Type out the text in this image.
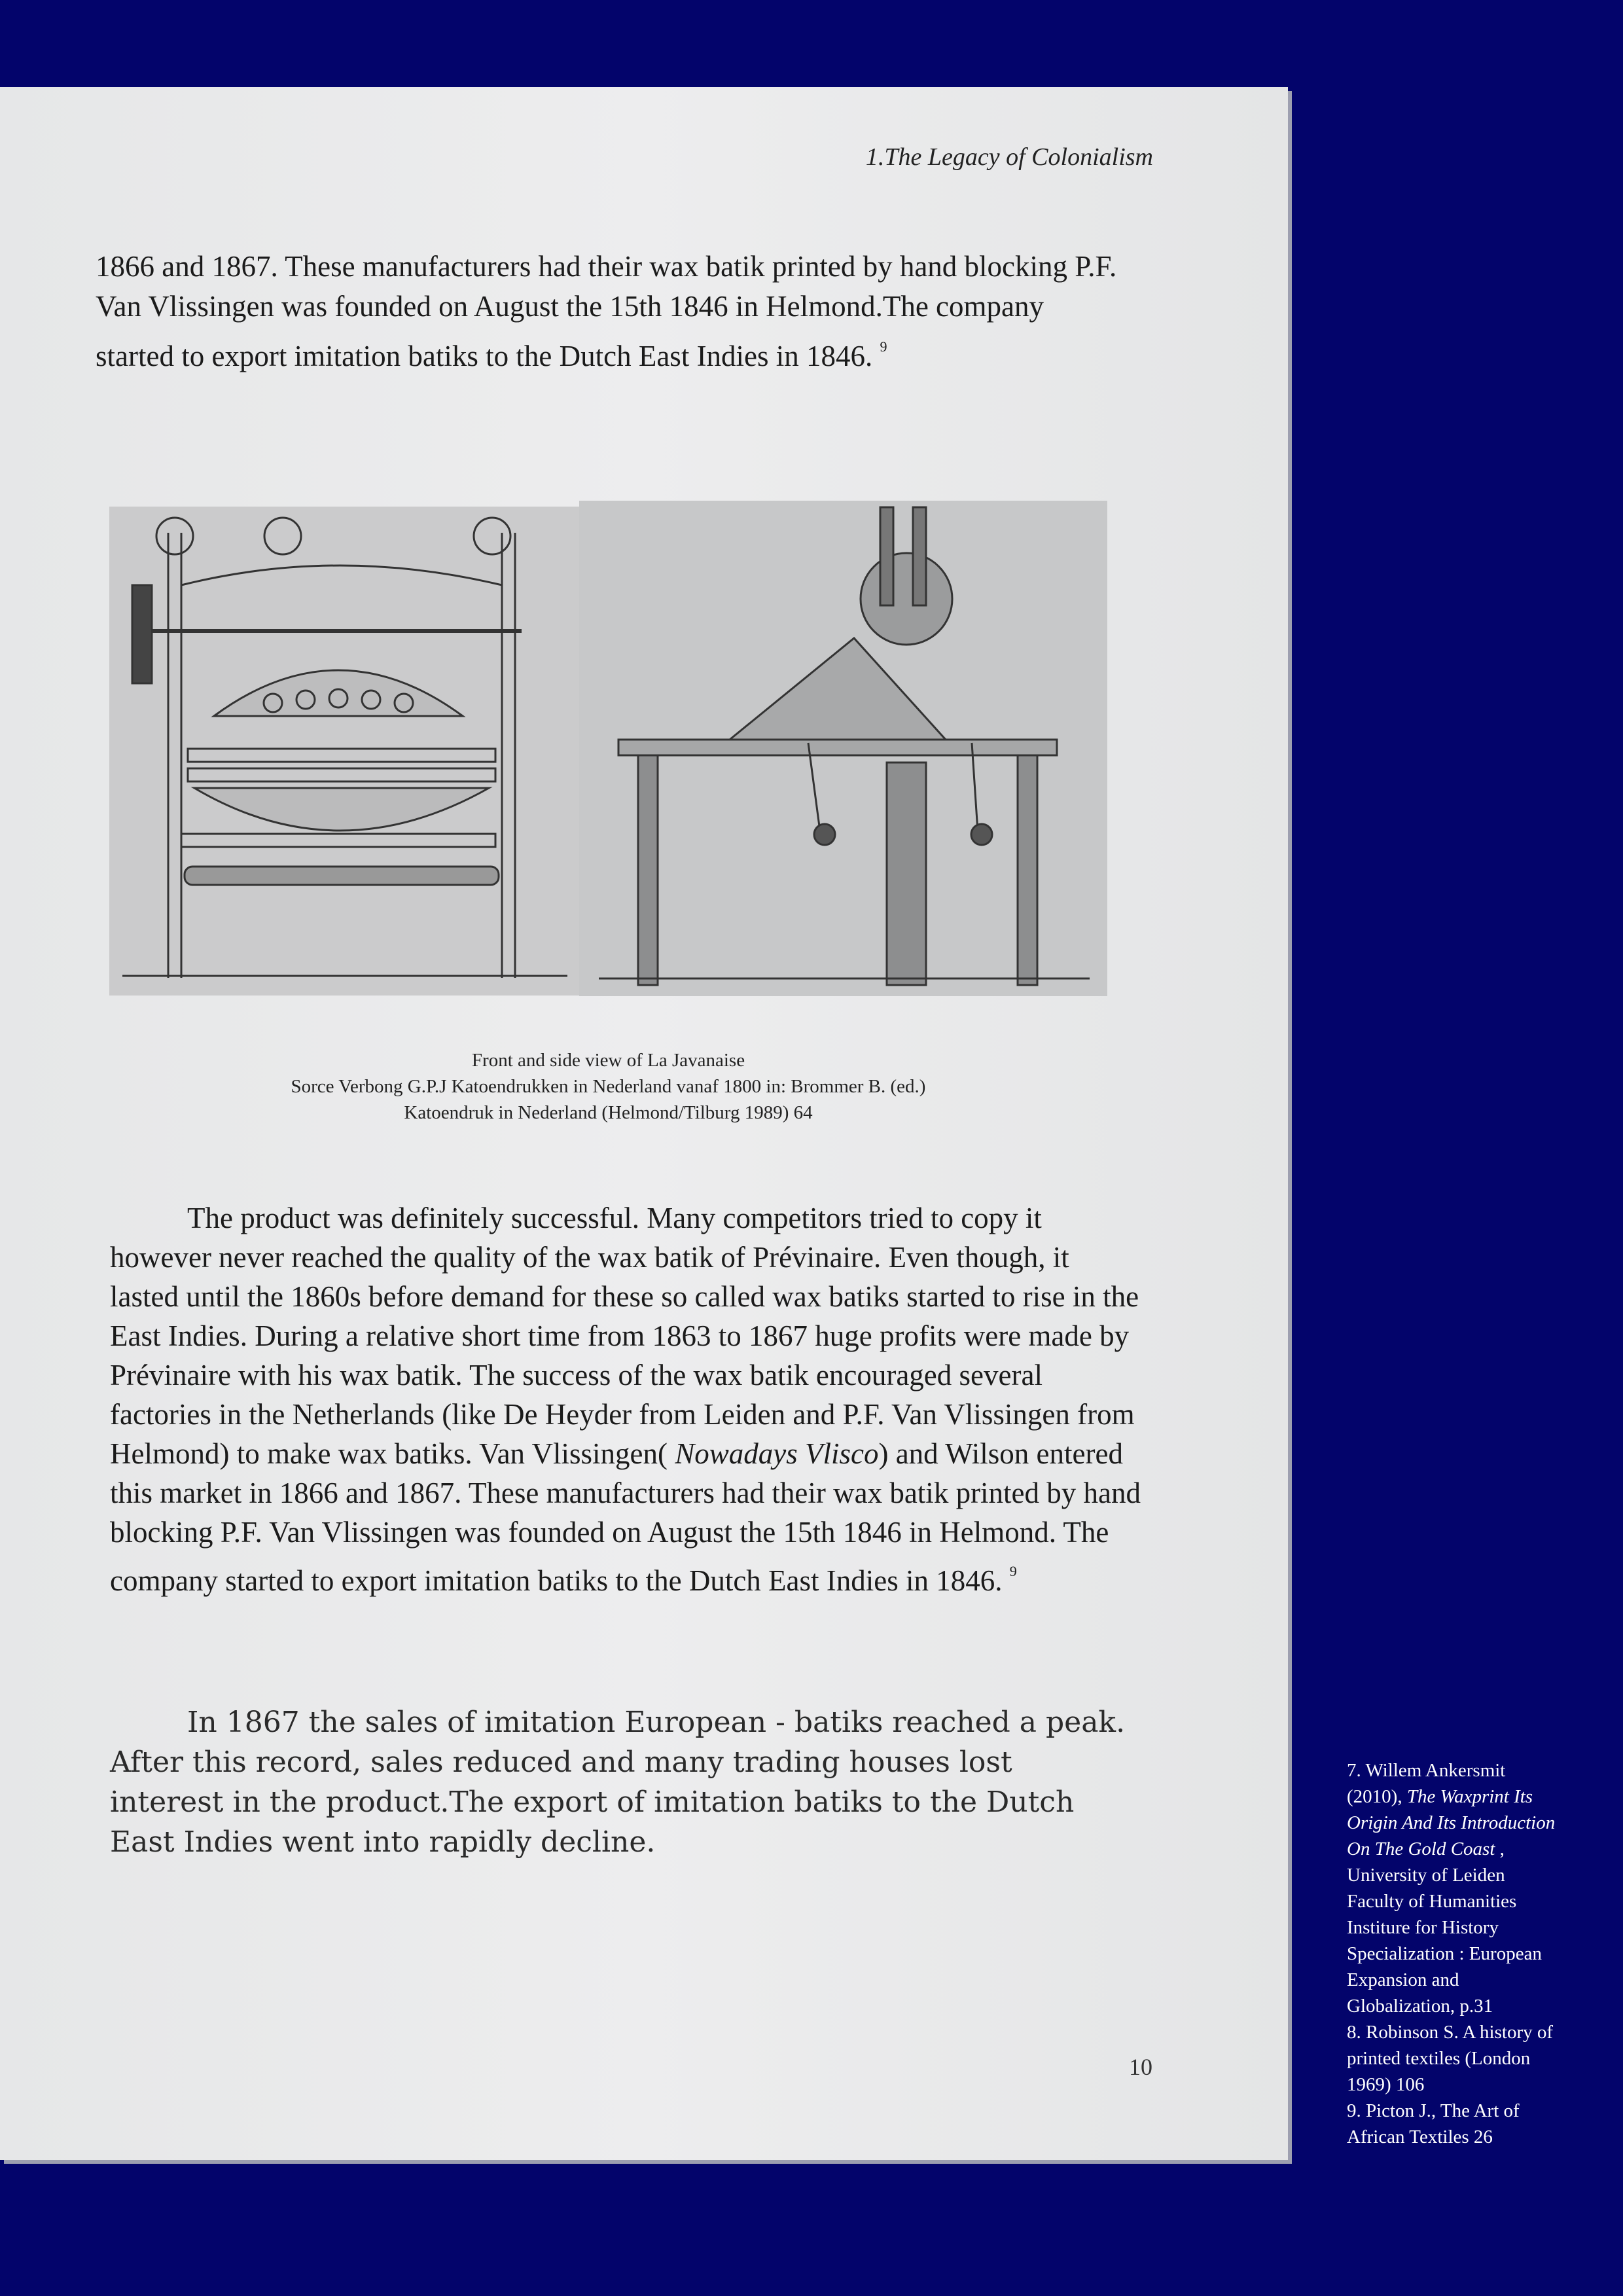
1.The Legacy of Colonialism
1866 and 1867. These manufacturers had their wax batik printed by hand blocking P.F. Van Vlissingen was founded on August the 15th 1846 in Helmond.The company started to export imitation batiks to the Dutch East Indies in 1846. $^9$
Front and side view of La Javanaise
Sorce Verbong G.P.J Katoendrukken in Nederland vanaf 1800 in: Brommer B. (ed.)
Katoendruk in Nederland (Helmond/Tilburg 1989) 64
The product was definitely successful. Many competitors tried to copy it however never reached the quality of the wax batik of Prévinaire. Even though, it lasted until the 1860s before demand for these so called wax batiks started to rise in the East Indies. During a relative short time from 1863 to 1867 huge profits were made by Prévinaire with his wax batik. The success of the wax batik encouraged several factories in the Netherlands (like De Heyder from Leiden and P.F. Van Vlissingen from Helmond) to make wax batiks. Van Vlissingen( Nowadays Vlisco) and Wilson entered this market in 1866 and 1867. These manufacturers had their wax batik printed by hand blocking P.F. Van Vlissingen was founded on August the 15th 1846 in Helmond. The company started to export imitation batiks to the Dutch East Indies in 1846. $^9$
In 1867 the sales of imitation European - batiks reached a peak. After this record, sales reduced and many trading houses lost interest in the product.The export of imitation batiks to the Dutch East Indies went into rapidly decline.
10
7. Willem Ankersmit (2010), The Waxprint Its Origin And Its Introduction On The Gold Coast , University of Leiden
Faculty of Humanities
Institure for History
Specialization : European Expansion and Globalization, p.31
8. Robinson S. A history of printed textiles (London 1969) 106
9. Picton J., The Art of African Textiles 26
